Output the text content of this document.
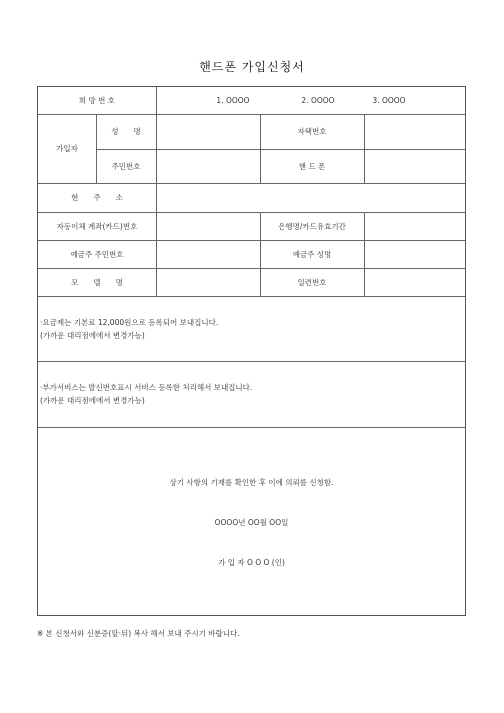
핸드폰 가입신청서
희 망 번 호	1. OOOO	2. OOOO	3. OOOO
가입자
성　　명	자택번호
주민번호	핸 드 폰
현　　주　　소
자동이체 계좌(카드)번호	은행명/카드유효기간
예금주 주민번호	예금주 성명
모　　델　　명	일련번호
·요금제는 기본료 12,000원으로 등록되어 보내집니다.
(가까운 대리점에에서 변경가능)
·부가서비스는 발신번호표시 서비스 등록한 처리해서 보내집니다.
(가까운 대리점에에서 변경가능)
상기 사항의 기재를 확인한 후 이에 의뢰를 신청함.
OOOO년 OO월 OO일
가 입 자 O O O (인)
※ 본 신청서와 신분증(앞·뒤) 복사 해서 보내 주시기 바랍니다.
